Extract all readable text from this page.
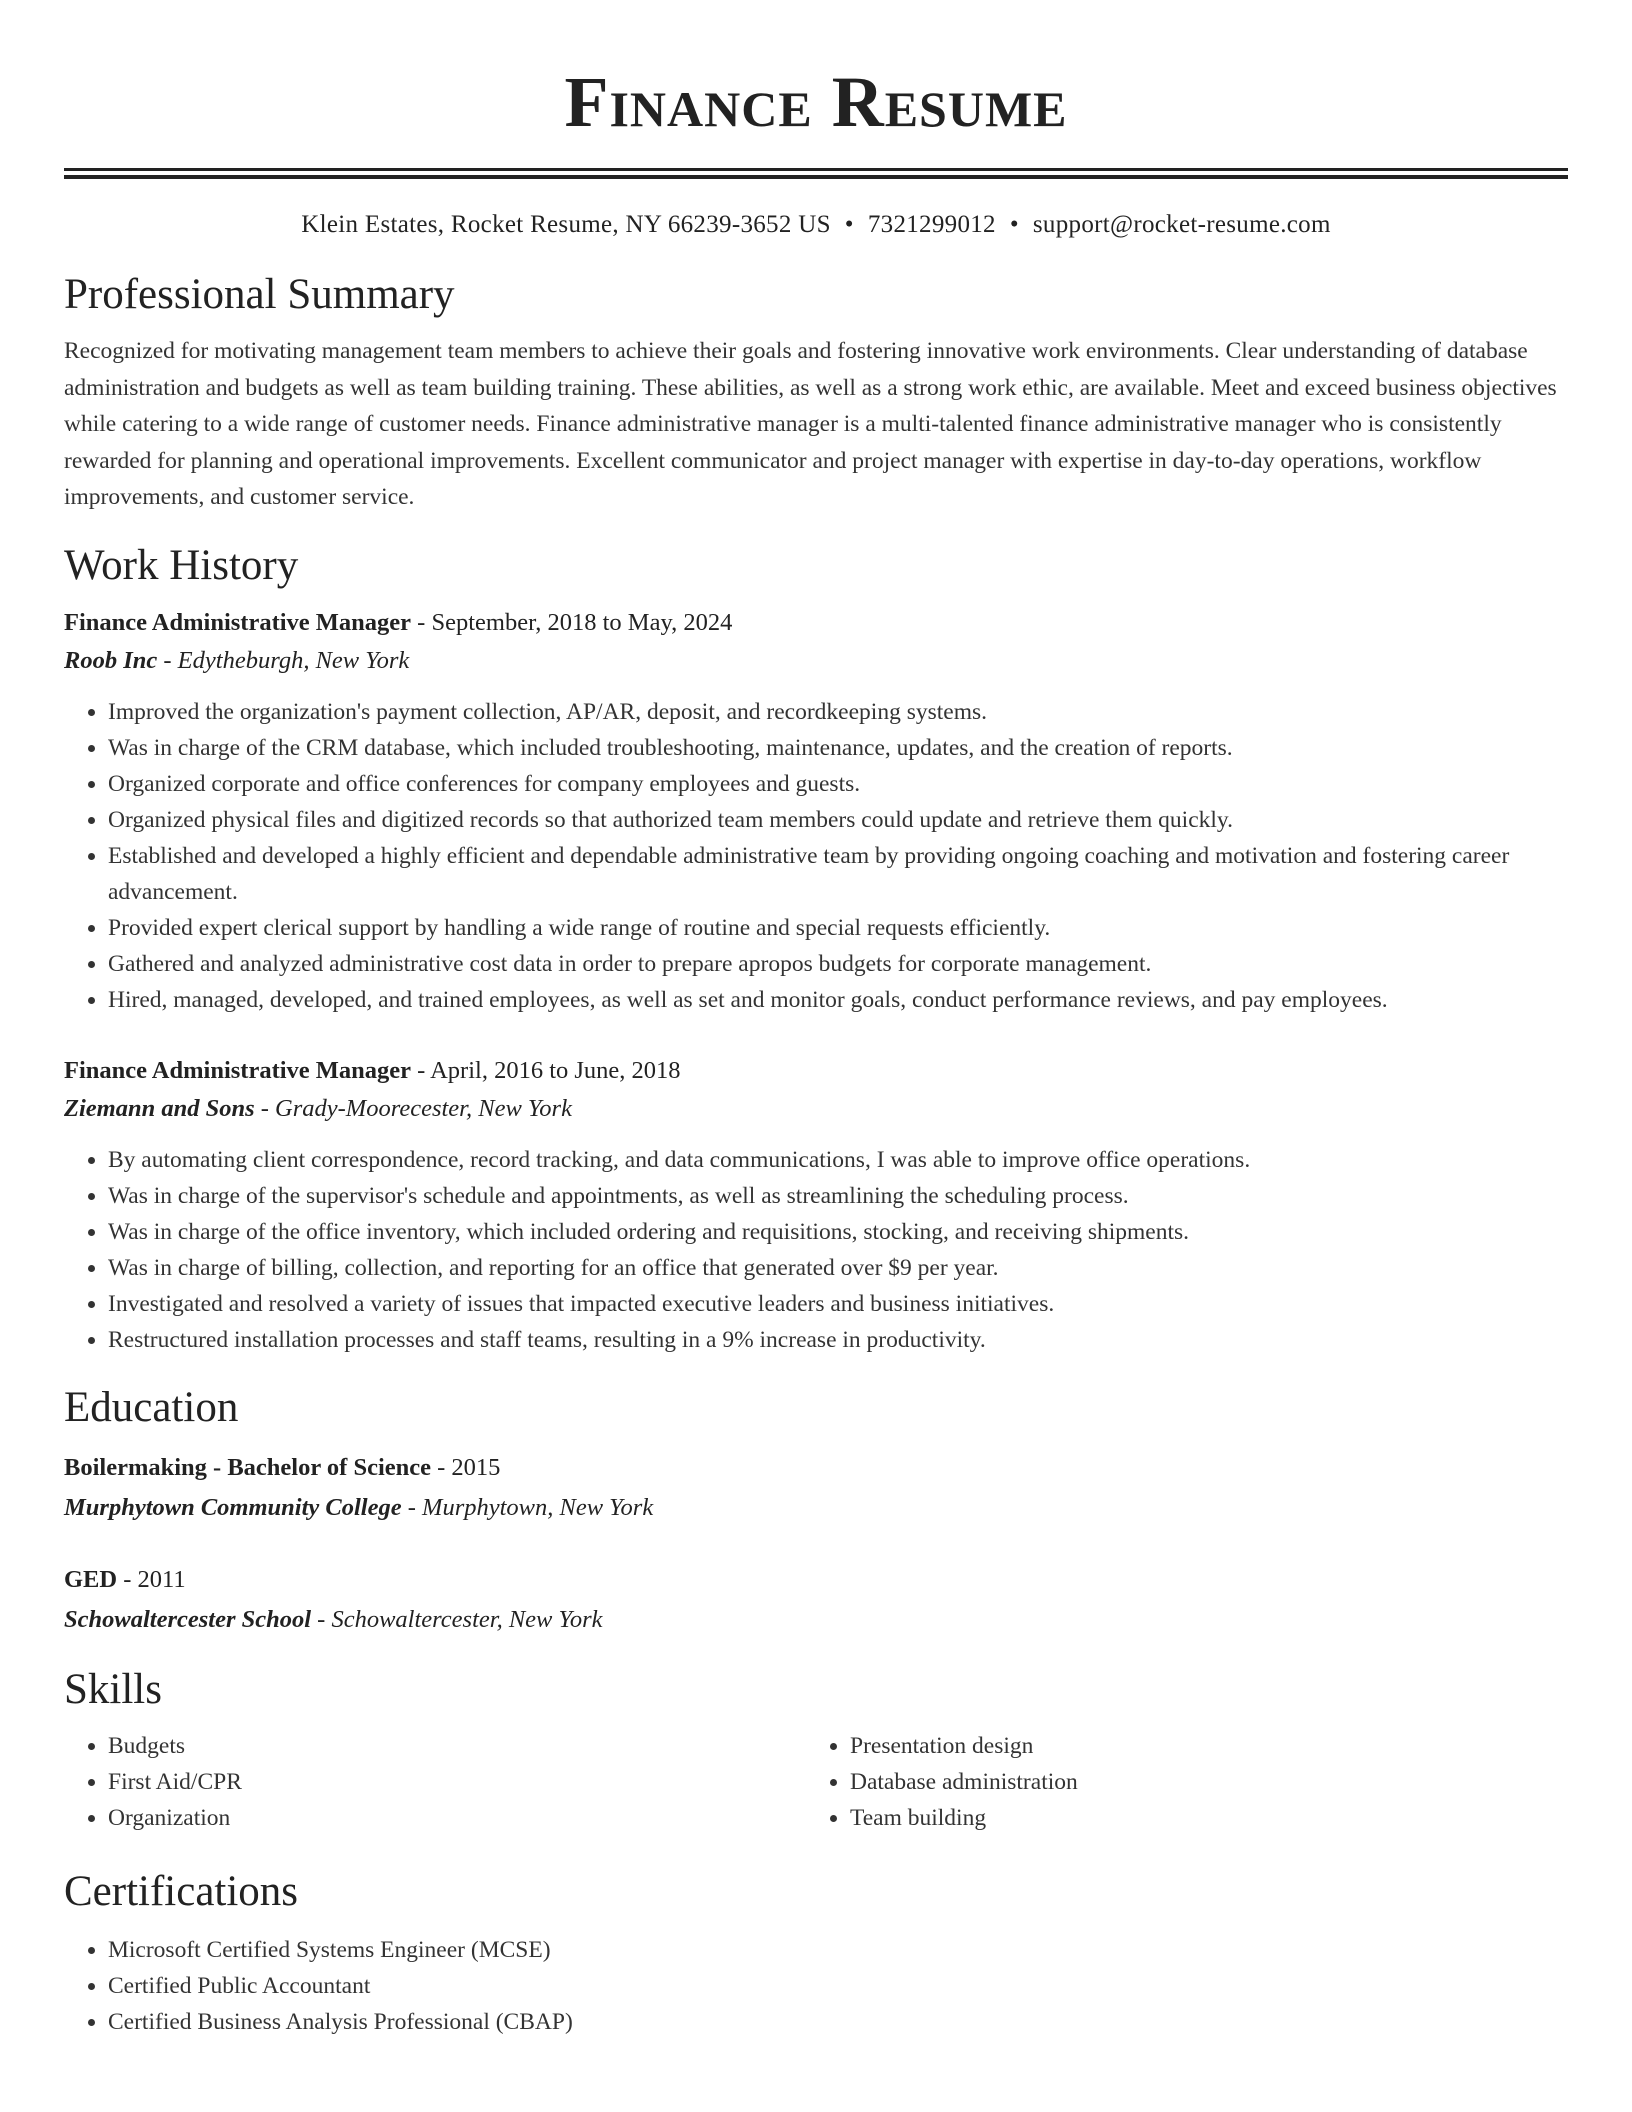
Finance Resume
Klein Estates, Rocket Resume, NY 66239-3652 US • 7321299012 • support@rocket-resume.com
Professional Summary

Recognized for motivating management team members to achieve their goals and fostering innovative work environments. Clear understanding of database administration and budgets as well as team building training. These abilities, as well as a strong work ethic, are available. Meet and exceed business objectives while catering to a wide range of customer needs. Finance administrative manager is a multi-talented finance administrative manager who is consistently rewarded for planning and operational improvements. Excellent communicator and project manager with expertise in day-to-day operations, workflow improvements, and customer service.

Work History
Finance Administrative Manager - September, 2018 to May, 2024
Roob Inc - Edytheburgh, New York
• Improved the organization's payment collection, AP/AR, deposit, and recordkeeping systems.
• Was in charge of the CRM database, which included troubleshooting, maintenance, updates, and the creation of reports.
• Organized corporate and office conferences for company employees and guests.
• Organized physical files and digitized records so that authorized team members could update and retrieve them quickly.
• Established and developed a highly efficient and dependable administrative team by providing ongoing coaching and motivation and fostering career advancement.
• Provided expert clerical support by handling a wide range of routine and special requests efficiently.
• Gathered and analyzed administrative cost data in order to prepare apropos budgets for corporate management.
• Hired, managed, developed, and trained employees, as well as set and monitor goals, conduct performance reviews, and pay employees.
Finance Administrative Manager - April, 2016 to June, 2018
Ziemann and Sons - Grady-Moorecester, New York
• By automating client correspondence, record tracking, and data communications, I was able to improve office operations.
• Was in charge of the supervisor's schedule and appointments, as well as streamlining the scheduling process.
• Was in charge of the office inventory, which included ordering and requisitions, stocking, and receiving shipments.
• Was in charge of billing, collection, and reporting for an office that generated over $9 per year.
• Investigated and resolved a variety of issues that impacted executive leaders and business initiatives.
• Restructured installation processes and staff teams, resulting in a 9% increase in productivity.
Education
Boilermaking - Bachelor of Science - 2015
Murphytown Community College - Murphytown, New York
GED - 2011
Schowaltercester School - Schowaltercester, New York
Skills
• Budgets
• First Aid/CPR
• Organization
• Presentation design
• Database administration
• Team building
Certifications
• Microsoft Certified Systems Engineer (MCSE)
• Certified Public Accountant
• Certified Business Analysis Professional (CBAP)
